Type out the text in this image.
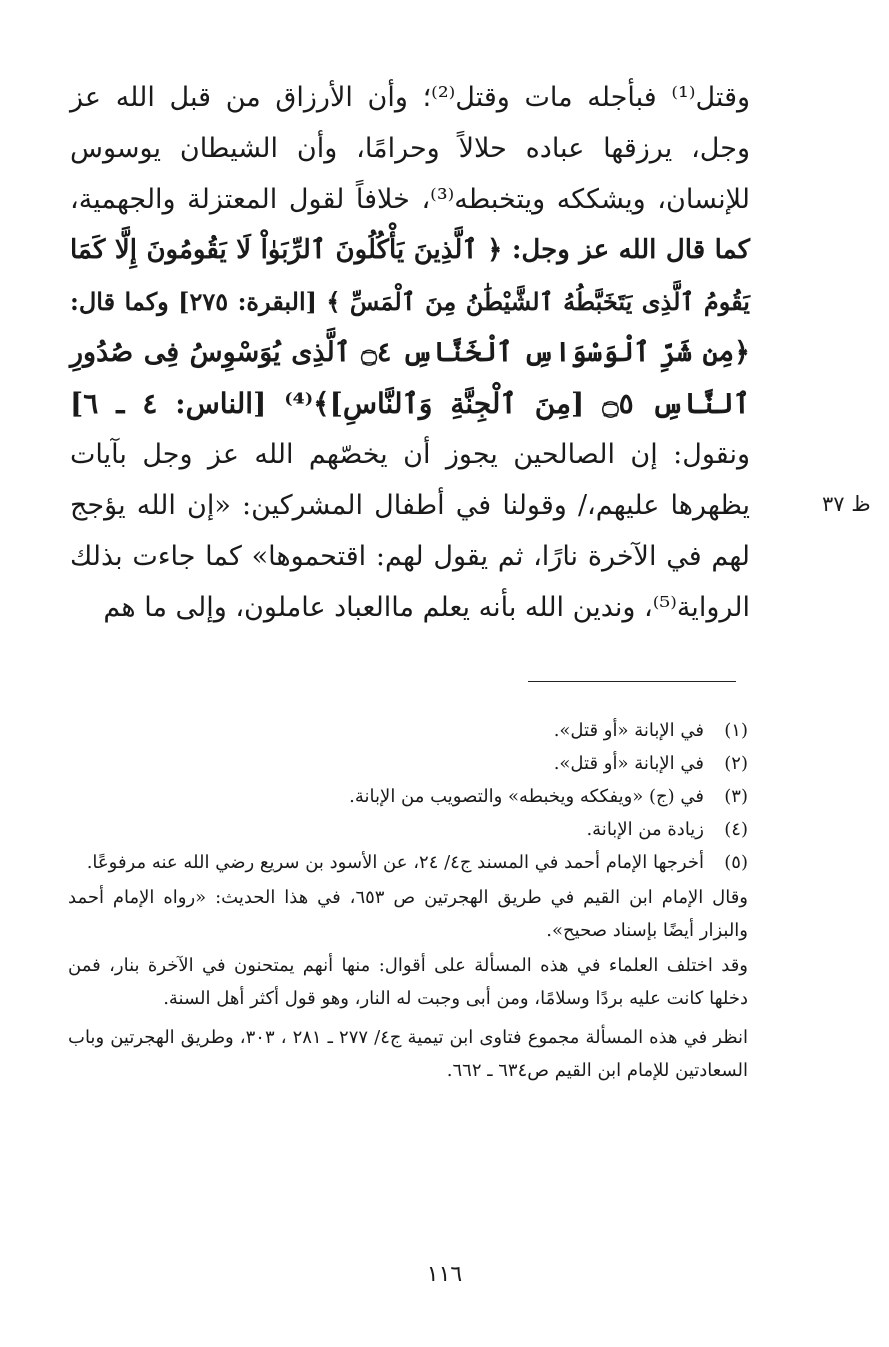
وقتل⁽¹⁾ فبأجله مات وقتل⁽²⁾؛ وأن الأرزاق من قبل الله عز
وجل، يرزقها عباده حلالاً وحرامًا، وأن الشيطان يوسوس
للإنسان، ويشككه ويتخبطه⁽³⁾، خلافاً لقول المعتزلة والجهمية،
كما قال الله عز وجل: ﴿ ٱلَّذِينَ يَأْكُلُونَ ٱلرِّبَوٰاْ لَا يَقُومُونَ إِلَّا كَمَا
يَقُومُ ٱلَّذِى يَتَخَبَّطُهُ ٱلشَّيْطَٰنُ مِنَ ٱلْمَسِّ ﴾ [البقرة: ٢٧٥] وكما قال:
﴿مِن شَرِّ ٱلْوَسْوَاسِ ٱلْخَنَّاسِ ۝٤ ٱلَّذِى يُوَسْوِسُ فِى صُدُورِ
ٱلنَّاسِ ۝٥ [مِنَ ٱلْجِنَّةِ وَٱلنَّاسِ]﴾⁽⁴⁾ [الناس: ٤ ـ ٦]
ونقول: إن الصالحين يجوز أن يخصّهم الله عز وجل بآيات
يظهرها عليهم،/ وقولنا في أطفال المشركين: «إن الله يؤجج
لهم في الآخرة نارًا، ثم يقول لهم: اقتحموها» كما جاءت بذلك
الرواية⁽⁵⁾، وندين الله بأنه يعلم ماالعباد عاملون، وإلى ما هم
ظ ٣٧
(١)
في الإبانة «أو قتل».
(٢)
في الإبانة «أو قتل».
(٣)
في (ج) «ويفككه ويخبطه» والتصويب من الإبانة.
(٤)
زيادة من الإبانة.
(٥)
أخرجها الإمام أحمد في المسند ج٤/ ٢٤، عن الأسود بن سريع رضي الله عنه مرفوعًا.
وقال الإمام ابن القيم في طريق الهجرتين ص ٦٥٣، في هذا الحديث: «رواه الإمام أحمد والبزار أيضًا بإسناد صحيح».
وقد اختلف العلماء في هذه المسألة على أقوال: منها أنهم يمتحنون في الآخرة بنار، فمن دخلها كانت عليه بردًا وسلامًا، ومن أبى وجبت له النار، وهو قول أكثر أهل السنة.
انظر في هذه المسألة مجموع فتاوى ابن تيمية ج٤/ ٢٧٧ ـ ٢٨١ ، ٣٠٣، وطريق الهجرتين وباب السعادتين للإمام ابن القيم ص٦٣٤ ـ ٦٦٢.
١١٦
